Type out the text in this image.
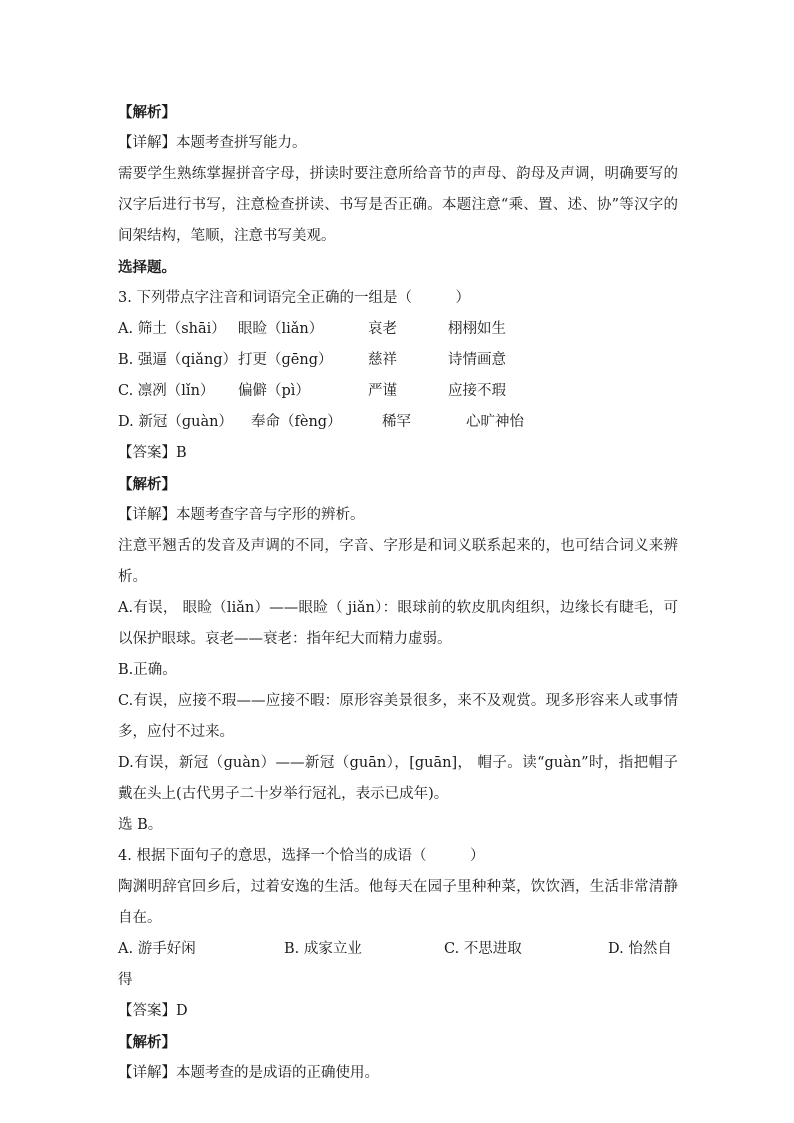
【解析】
【详解】本题考查拼写能力。
需要学生熟练掌握拼音字母，拼读时要注意所给音节的声母、韵母及声调，明确要写的汉字后进行书写，注意检查拼读、书写是否正确。本题注意“乘、置、述、协”等汉字的间架结构，笔顺，注意书写美观。
选择题。
3. 下列带点字注音和词语完全正确的一组是（　　　）
A. 筛土（shāi） 眼睑（liǎn）	哀老	栩栩如生
B. 强逼（qiǎng） 打更（ɡēng）	慈祥	诗情画意
C. 凛冽（lǐn）	偏僻（pì）	严谨	应接不瑕
D. 新冠（ɡuàn）	奉命（fèng）	稀罕	心旷神怡
【答案】B
【解析】
【详解】本题考查字音与字形的辨析。
注意平翘舌的发音及声调的不同，字音、字形是和词义联系起来的，也可结合词义来辨析。
A.有误， 眼睑（liǎn）——眼睑（ jiǎn）：眼球前的软皮肌肉组织，边缘长有睫毛，可以保护眼球。哀老——衰老：指年纪大而精力虚弱。
B.正确。
C.有误，应接不瑕——应接不暇：原形容美景很多，来不及观赏。现多形容来人或事情多，应付不过来。
D.有误，新冠（ɡuàn）——新冠（guān），[guān]， 帽子。读“guàn”时，指把帽子戴在头上(古代男子二十岁举行冠礼，表示已成年)。
选 B。
4. 根据下面句子的意思，选择一个恰当的成语（　　　）
陶渊明辞官回乡后，过着安逸的生活。他每天在园子里种种菜，饮饮酒，生活非常清静自在。
A. 游手好闲	B. 成家立业	C. 不思进取	D. 怡然自
得
【答案】D
【解析】
【详解】本题考查的是成语的正确使用。
